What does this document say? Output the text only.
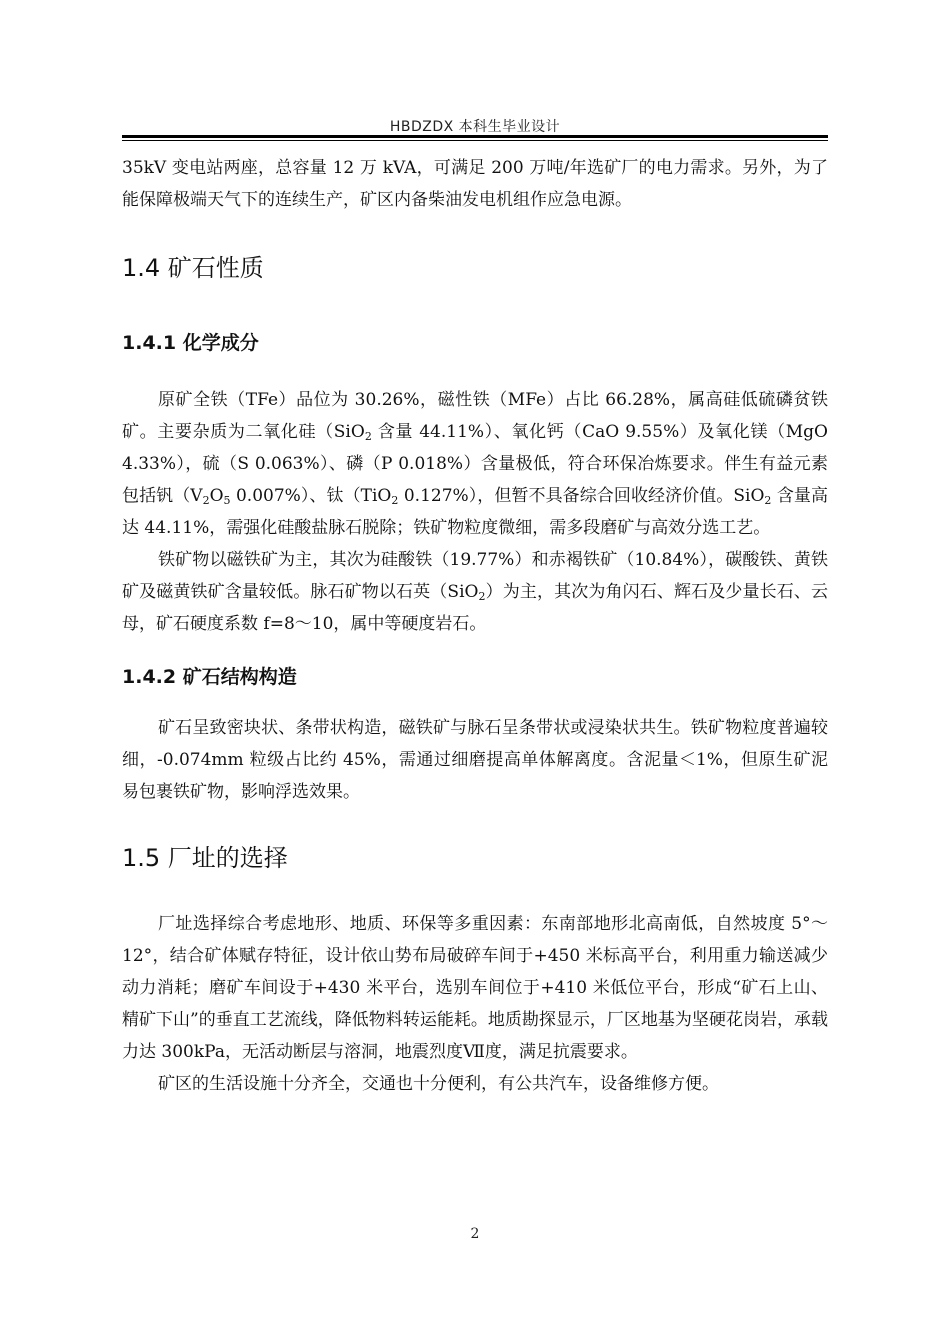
HBDZDX 本科生毕业设计

35kV 变电站两座，总容量 12 万 kVA，可满足 200 万吨/年选矿厂的电力需求。另外，为了能保障极端天气下的连续生产，矿区内备柴油发电机组作应急电源。

1.4 矿石性质
1.4.1 化学成分

原矿全铁（TFe）品位为 30.26%，磁性铁（MFe）占比 66.28%，属高硅低硫磷贫铁矿。主要杂质为二氧化硅（SiO$_2$ 含量 44.11%）、氧化钙（CaO 9.55%）及氧化镁（MgO 4.33%），硫（S 0.063%）、磷（P 0.018%）含量极低，符合环保冶炼要求。伴生有益元素包括钒（$V_2O_5$ 0.007%）、钛（TiO$_2$ 0.127%），但暂不具备综合回收经济价值。SiO$_2$ 含量高达 44.11%，需强化硅酸盐脉石脱除；铁矿物粒度微细，需多段磨矿与高效分选工艺。

铁矿物以磁铁矿为主，其次为硅酸铁（19.77%）和赤褐铁矿（10.84%），碳酸铁、黄铁矿及磁黄铁矿含量较低。脉石矿物以石英（SiO$_2$）为主，其次为角闪石、辉石及少量长石、云母，矿石硬度系数 f=8～10，属中等硬度岩石。

1.4.2 矿石结构构造

矿石呈致密块状、条带状构造，磁铁矿与脉石呈条带状或浸染状共生。铁矿物粒度普遍较细，-0.074mm 粒级占比约 45%，需通过细磨提高单体解离度。含泥量＜1%，但原生矿泥易包裹铁矿物，影响浮选效果。

1.5 厂址的选择

厂址选择综合考虑地形、地质、环保等多重因素：东南部地形北高南低，自然坡度 5°～12°，结合矿体赋存特征，设计依山势布局破碎车间于+450 米标高平台，利用重力输送减少动力消耗；磨矿车间设于+430 米平台，选别车间位于+410 米低位平台，形成“矿石上山、精矿下山”的垂直工艺流线，降低物料转运能耗。地质勘探显示，厂区地基为坚硬花岗岩，承载力达 300kPa，无活动断层与溶洞，地震烈度Ⅶ度，满足抗震要求。

矿区的生活设施十分齐全，交通也十分便利，有公共汽车，设备维修方便。

2
